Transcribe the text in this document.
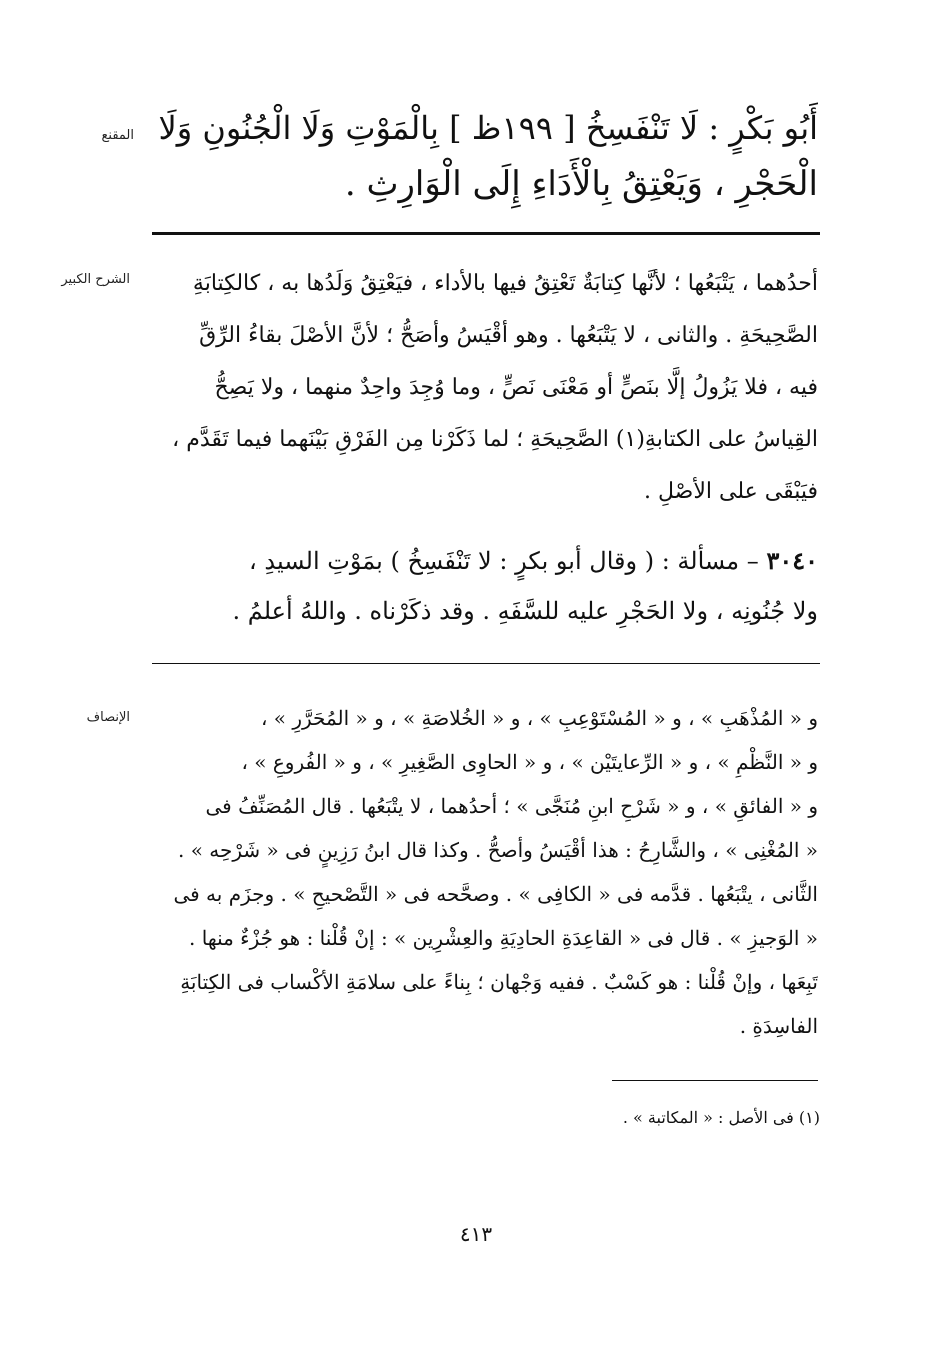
المقنع أَبُو بَكْرٍ : لَا تَنْفَسِخُ [ ١٩٩ظ ] بِالْمَوْتِ وَلَا الْجُنُونِ وَلَا
الْحَجْرِ ، وَيَعْتِقُ بِالْأَدَاءِ إِلَى الْوَارِثِ .
الشرح الكبير	أحدُهما ، يَتْبَعُها ؛ لأنَّها كِتابَةٌ تَعْتِقُ فيها بالأداء ، فيَعْتِقُ وَلَدُها به ، كالكِتابَةِ
الصَّحِيحَةِ . والثانى ، لا يَتْبَعُها . وهو أقْيَسُ وأصَحُّ ؛ لأنَّ الأصْلَ بقاءُ الرِّقِّ
فيه ، فلا يَزُولُ إلَّا بنَصٍّ أو مَعْنَى نَصٍّ ، وما وُجِدَ واحِدٌ منهما ، ولا يَصِحُّ
القِياسُ على الكتابةِ(١) الصَّحِيحَةِ ؛ لما ذَكَرْنا مِن الفَرْقِ بَيْنَهما فيما تَقَدَّم ،
فيَبْقَى على الأصْلِ .
٣٠٤٠ – مسألة : ( وقال أبو بكرٍ : لا تَنْفَسِخُ ) بمَوْتِ السيدِ ،
ولا جُنُونِه ، ولا الحَجْرِ عليه للسَّفَهِ . وقد ذكَرْناه . واللهُ أعلمُ .
الإنصاف	و « المُذْهَبِ » ، و « المُسْتَوْعِبِ » ، و « الخُلاصَةِ » ، و « المُحَرَّرِ » ،
و « النَّظْمِ » ، و « الرِّعايتَيْن » ، و « الحاوِى الصَّغِيرِ » ، و « الفُروعِ » ،
و « الفائقِ » ، و « شَرْحِ ابنِ مُنَجَّى » ؛ أحدُهما ، لا يتْبَعُها . قال المُصَنِّفُ فى
« المُغْنِى » ، والشَّارِحُ : هذا أقْيَسُ وأصحُّ . وكذا قال ابنُ رَزِينٍ فى « شَرْحِه » .
الثَّانى ، يتْبَعُها . قدَّمه فى « الكافِى » . وصحَّحه فى « التَّصْحيحِ » . وجزَم به فى
« الوَجيزِ » . قال فى « القاعِدَةِ الحادِيَةِ والعِشْرِين » : إنْ قُلْنا : هو جُزْءٌ منها .
تَبِعَها ، وإنْ قُلْنا : هو كَسْبٌ . ففيه وَجْهان ؛ بِناءً على سلامَةِ الأكْساب فى الكِتابَةِ
الفاسِدَةِ .
(١) فى الأصل : « المكاتبة » .
٤١٣
